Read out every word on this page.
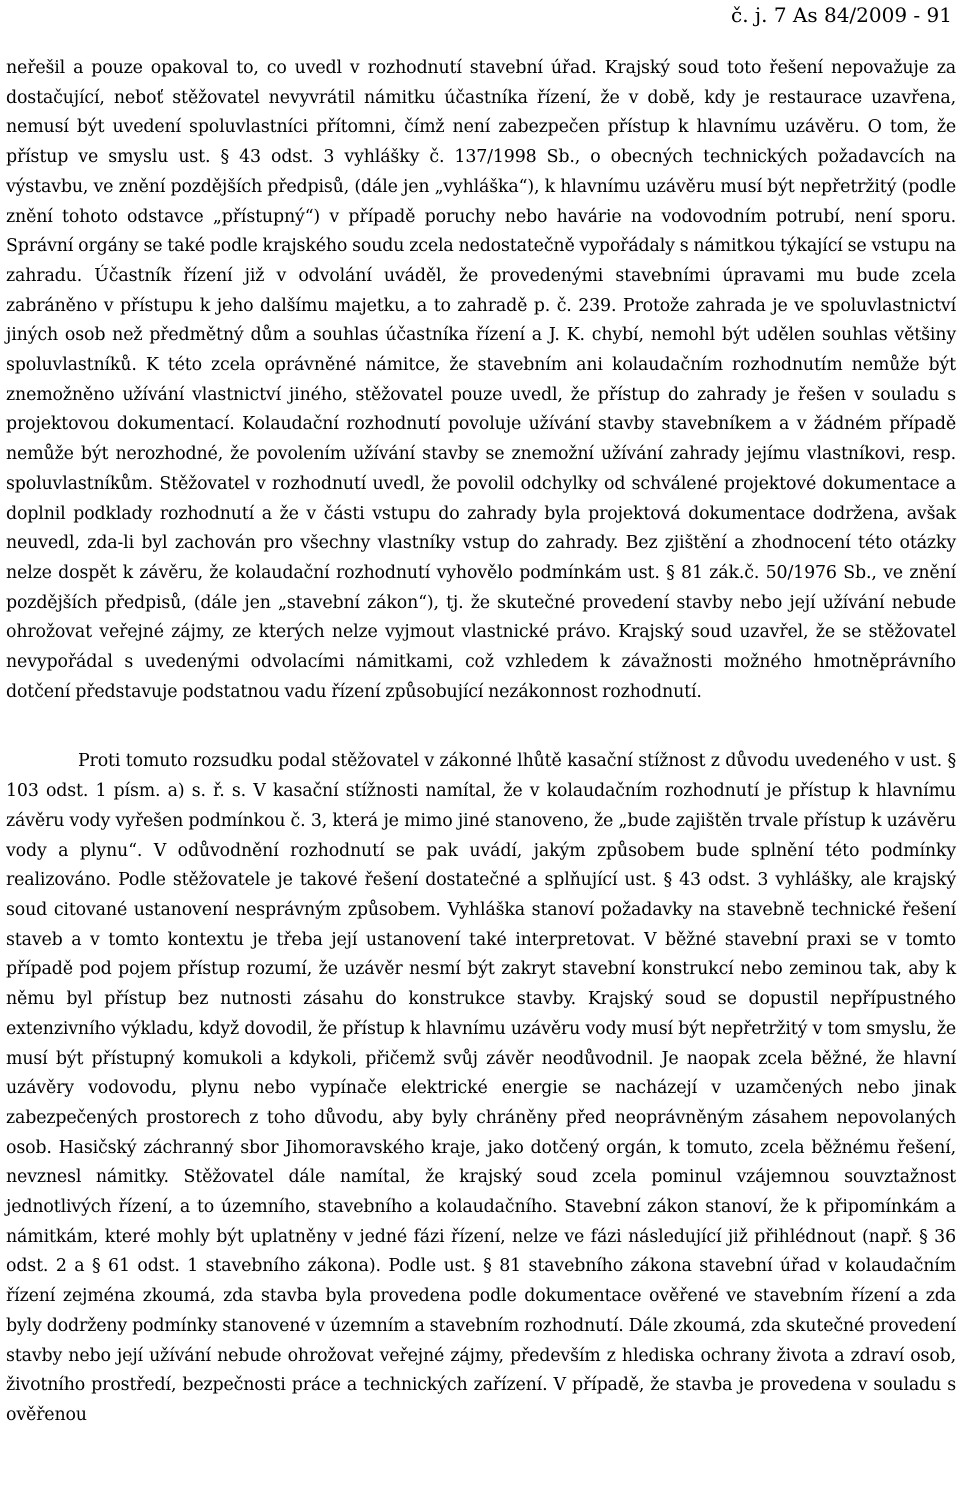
č. j. 7 As 84/2009 - 91

neřešil a pouze opakoval to, co uvedl v rozhodnutí stavební úřad. Krajský soud toto řešení nepovažuje za dostačující, neboť stěžovatel nevyvrátil námitku účastníka řízení, že v době, kdy je restaurace uzavřena, nemusí být uvedení spoluvlastníci přítomni, čímž není zabezpečen přístup k hlavnímu uzávěru. O tom, že přístup ve smyslu ust. § 43 odst. 3 vyhlášky č. 137/1998 Sb., o obecných technických požadavcích na výstavbu, ve znění pozdějších předpisů, (dále jen „vyhláška“), k hlavnímu uzávěru musí být nepřetržitý (podle znění tohoto odstavce „přístupný“) v případě poruchy nebo havárie na vodovodním potrubí, není sporu. Správní orgány se také podle krajského soudu zcela nedostatečně vypořádaly s námitkou týkající se vstupu na zahradu. Účastník řízení již v odvolání uváděl, že provedenými stavebními úpravami mu bude zcela zabráněno v přístupu k jeho dalšímu majetku, a to zahradě p. č. 239. Protože zahrada je ve spoluvlastnictví jiných osob než předmětný dům a souhlas účastníka řízení a J. K. chybí, nemohl být udělen souhlas většiny spoluvlastníků. K této zcela oprávněné námitce, že stavebním ani kolaudačním rozhodnutím nemůže být znemožněno užívání vlastnictví jiného, stěžovatel pouze uvedl, že přístup do zahrady je řešen v souladu s projektovou dokumentací. Kolaudační rozhodnutí povoluje užívání stavby stavebníkem a v žádném případě nemůže být nerozhodné, že povolením užívání stavby se znemožní užívání zahrady jejímu vlastníkovi, resp. spoluvlastníkům. Stěžovatel v rozhodnutí uvedl, že povolil odchylky od schválené projektové dokumentace a doplnil podklady rozhodnutí a že v části vstupu do zahrady byla projektová dokumentace dodržena, avšak neuvedl, zda-li byl zachován pro všechny vlastníky vstup do zahrady. Bez zjištění a zhodnocení této otázky nelze dospět k závěru, že kolaudační rozhodnutí vyhovělo podmínkám ust. § 81 zák.č. 50/1976 Sb., ve znění pozdějších předpisů, (dále jen „stavební zákon“), tj. že skutečné provedení stavby nebo její užívání nebude ohrožovat veřejné zájmy, ze kterých nelze vyjmout vlastnické právo. Krajský soud uzavřel, že se stěžovatel nevypořádal s uvedenými odvolacími námitkami, což vzhledem k závažnosti možného hmotněprávního dotčení představuje podstatnou vadu řízení způsobující nezákonnost rozhodnutí.

Proti tomuto rozsudku podal stěžovatel v zákonné lhůtě kasační stížnost z důvodu uvedeného v ust. § 103 odst. 1 písm. a) s. ř. s. V kasační stížnosti namítal, že v kolaudačním rozhodnutí je přístup k hlavnímu závěru vody vyřešen podmínkou č. 3, která je mimo jiné stanoveno, že „bude zajištěn trvale přístup k uzávěru vody a plynu“. V odůvodnění rozhodnutí se pak uvádí, jakým způsobem bude splnění této podmínky realizováno. Podle stěžovatele je takové řešení dostatečné a splňující ust. § 43 odst. 3 vyhlášky, ale krajský soud citované ustanovení nesprávným způsobem. Vyhláška stanoví požadavky na stavebně technické řešení staveb a v tomto kontextu je třeba její ustanovení také interpretovat. V běžné stavební praxi se v tomto případě pod pojem přístup rozumí, že uzávěr nesmí být zakryt stavební konstrukcí nebo zeminou tak, aby k němu byl přístup bez nutnosti zásahu do konstrukce stavby. Krajský soud se dopustil nepřípustného extenzivního výkladu, když dovodil, že přístup k hlavnímu uzávěru vody musí být nepřetržitý v tom smyslu, že musí být přístupný komukoli a kdykoli, přičemž svůj závěr neodůvodnil. Je naopak zcela běžné, že hlavní uzávěry vodovodu, plynu nebo vypínače elektrické energie se nacházejí v uzamčených nebo jinak zabezpečených prostorech z toho důvodu, aby byly chráněny před neoprávněným zásahem nepovolaných osob. Hasičský záchranný sbor Jihomoravského kraje, jako dotčený orgán, k tomuto, zcela běžnému řešení, nevznesl námitky. Stěžovatel dále namítal, že krajský soud zcela pominul vzájemnou souvztažnost jednotlivých řízení, a to územního, stavebního a kolaudačního. Stavební zákon stanoví, že k připomínkám a námitkám, které mohly být uplatněny v jedné fázi řízení, nelze ve fázi následující již přihlédnout (např. § 36 odst. 2 a § 61 odst. 1 stavebního zákona). Podle ust. § 81 stavebního zákona stavební úřad v kolaudačním řízení zejména zkoumá, zda stavba byla provedena podle dokumentace ověřené ve stavebním řízení a zda byly dodrženy podmínky stanovené v územním a stavebním rozhodnutí. Dále zkoumá, zda skutečné provedení stavby nebo její užívání nebude ohrožovat veřejné zájmy, především z hlediska ochrany života a zdraví osob, životního prostředí, bezpečnosti práce a technických zařízení. V případě, že stavba je provedena v souladu s ověřenou
